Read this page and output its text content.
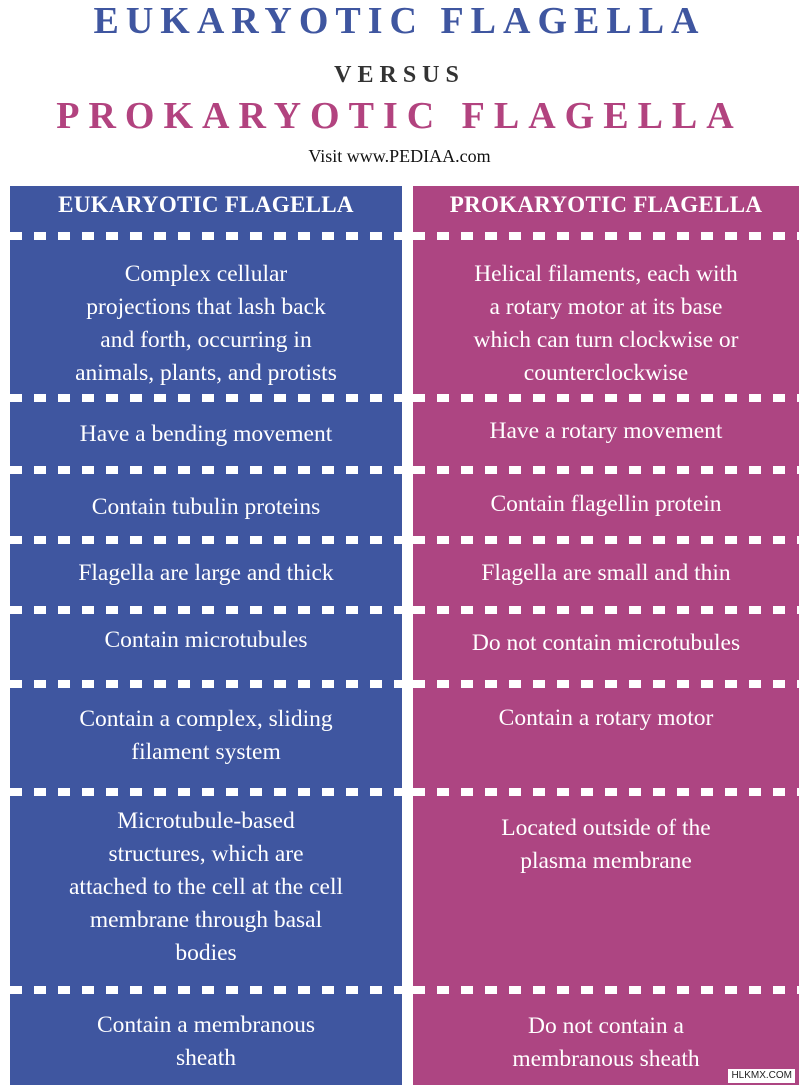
EUKARYOTIC FLAGELLA
VERSUS
PROKARYOTIC FLAGELLA
Visit www.PEDIAA.com
EUKARYOTIC FLAGELLA
Complex cellular
projections that lash back
and forth, occurring in
animals, plants, and protists
Have a bending movement
Contain tubulin proteins
Flagella are large and thick
Contain microtubules
Contain a complex, sliding
filament system
Microtubule-based
structures, which are
attached to the cell at the cell
membrane through basal
bodies
Contain a membranous
sheath
PROKARYOTIC FLAGELLA
Helical filaments, each with
a rotary motor at its base
which can turn clockwise or
counterclockwise
Have a rotary movement
Contain flagellin protein
Flagella are small and thin
Do not contain microtubules
Contain a rotary motor
Located outside of the
plasma membrane
Do not contain a
membranous sheath
HLKMX.COM
